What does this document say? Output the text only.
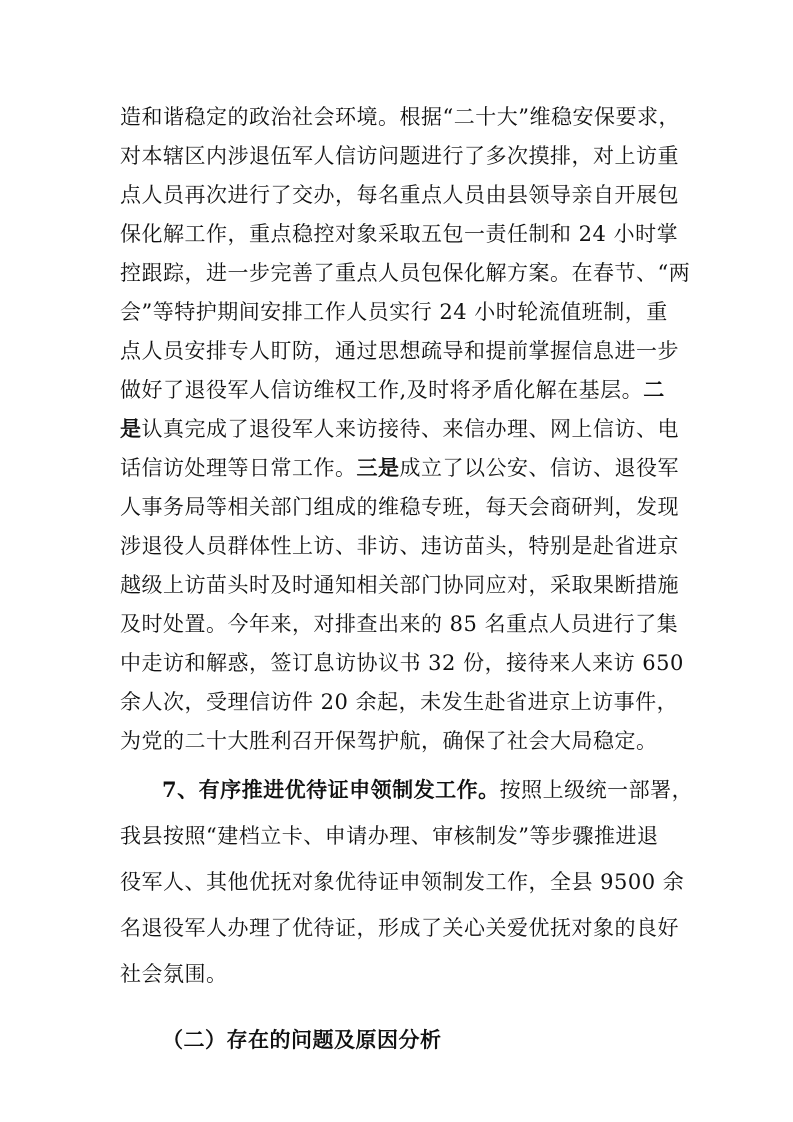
造和谐稳定的政治社会环境。根据“二十大”维稳安保要求，
对本辖区内涉退伍军人信访问题进行了多次摸排，对上访重
点人员再次进行了交办，每名重点人员由县领导亲自开展包
保化解工作，重点稳控对象采取五包一责任制和 24 小时掌
控跟踪，进一步完善了重点人员包保化解方案。在春节、“两
会”等特护期间安排工作人员实行 24 小时轮流值班制，重
点人员安排专人盯防，通过思想疏导和提前掌握信息进一步
做好了退役军人信访维权工作,及时将矛盾化解在基层。二
是认真完成了退役军人来访接待、来信办理、网上信访、电
话信访处理等日常工作。三是成立了以公安、信访、退役军
人事务局等相关部门组成的维稳专班，每天会商研判，发现
涉退役人员群体性上访、非访、违访苗头，特别是赴省进京
越级上访苗头时及时通知相关部门协同应对，采取果断措施
及时处置。今年来，对排查出来的 85 名重点人员进行了集
中走访和解惑，签订息访协议书 32 份，接待来人来访 650
余人次，受理信访件 20 余起，未发生赴省进京上访事件，
为党的二十大胜利召开保驾护航，确保了社会大局稳定。
7、有序推进优待证申领制发工作。按照上级统一部署，
我县按照“建档立卡、申请办理、审核制发”等步骤推进退
役军人、其他优抚对象优待证申领制发工作，全县 9500 余
名退役军人办理了优待证，形成了关心关爱优抚对象的良好
社会氛围。
（二）存在的问题及原因分析
